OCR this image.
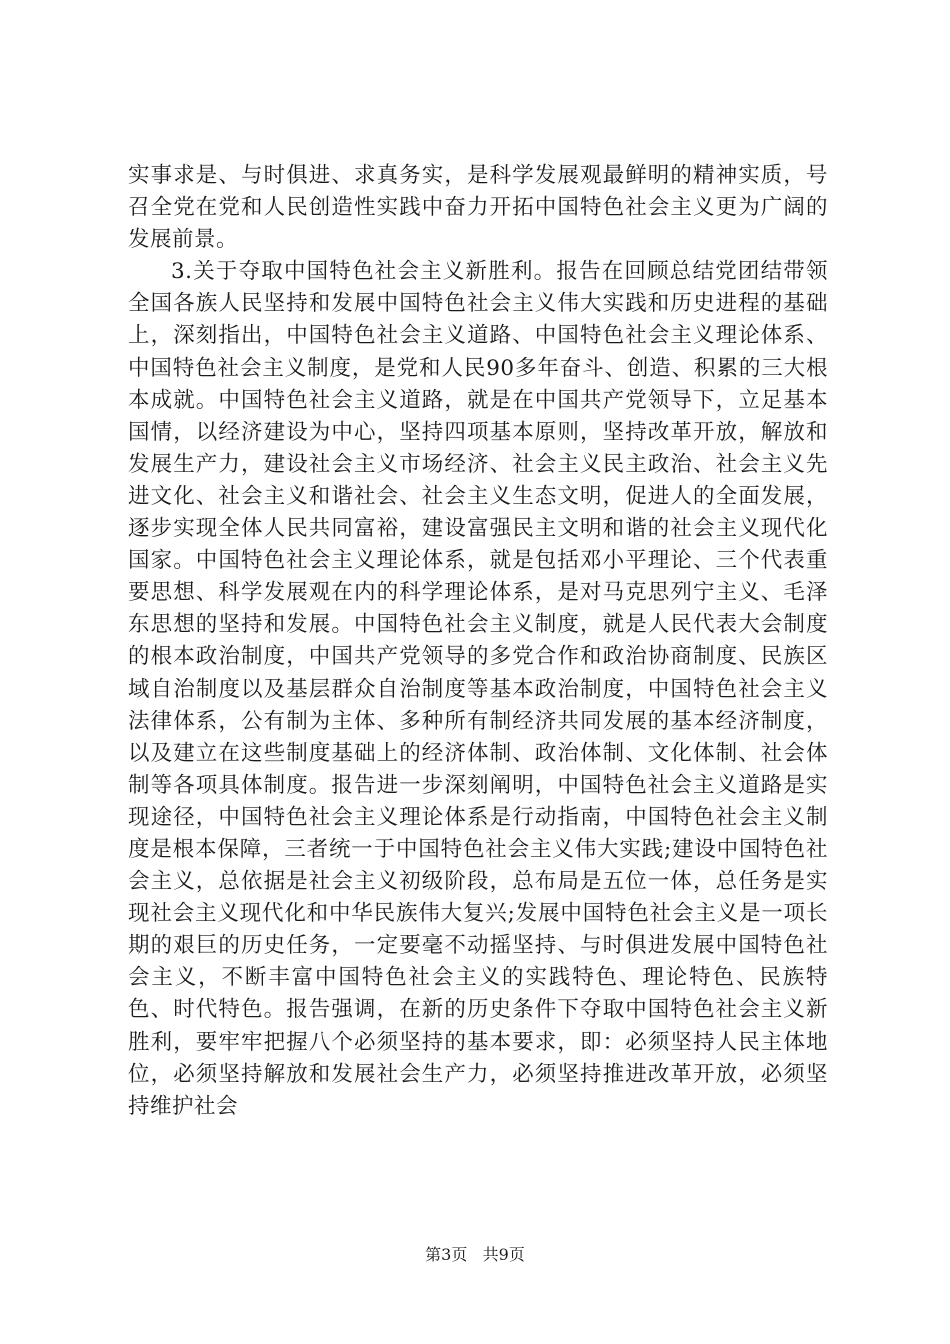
实事求是、与时俱进、求真务实，是科学发展观最鲜明的精神实质，号召全党在党和人民创造性实践中奋力开拓中国特色社会主义更为广阔的发展前景。

3.关于夺取中国特色社会主义新胜利。报告在回顾总结党团结带领全国各族人民坚持和发展中国特色社会主义伟大实践和历史进程的基础上，深刻指出，中国特色社会主义道路、中国特色社会主义理论体系、中国特色社会主义制度，是党和人民90多年奋斗、创造、积累的三大根本成就。中国特色社会主义道路，就是在中国共产党领导下，立足基本国情，以经济建设为中心，坚持四项基本原则，坚持改革开放，解放和发展生产力，建设社会主义市场经济、社会主义民主政治、社会主义先进文化、社会主义和谐社会、社会主义生态文明，促进人的全面发展，逐步实现全体人民共同富裕，建设富强民主文明和谐的社会主义现代化国家。中国特色社会主义理论体系，就是包括邓小平理论、三个代表重要思想、科学发展观在内的科学理论体系，是对马克思列宁主义、毛泽东思想的坚持和发展。中国特色社会主义制度，就是人民代表大会制度的根本政治制度，中国共产党领导的多党合作和政治协商制度、民族区域自治制度以及基层群众自治制度等基本政治制度，中国特色社会主义法律体系，公有制为主体、多种所有制经济共同发展的基本经济制度，以及建立在这些制度基础上的经济体制、政治体制、文化体制、社会体制等各项具体制度。报告进一步深刻阐明，中国特色社会主义道路是实现途径，中国特色社会主义理论体系是行动指南，中国特色社会主义制度是根本保障，三者统一于中国特色社会主义伟大实践;建设中国特色社会主义，总依据是社会主义初级阶段，总布局是五位一体，总任务是实现社会主义现代化和中华民族伟大复兴;发展中国特色社会主义是一项长期的艰巨的历史任务，一定要毫不动摇坚持、与时俱进发展中国特色社会主义，不断丰富中国特色社会主义的实践特色、理论特色、民族特色、时代特色。报告强调，在新的历史条件下夺取中国特色社会主义新胜利，要牢牢把握八个必须坚持的基本要求，即：必须坚持人民主体地位，必须坚持解放和发展社会生产力，必须坚持推进改革开放，必须坚持维护社会

第3页 共9页
